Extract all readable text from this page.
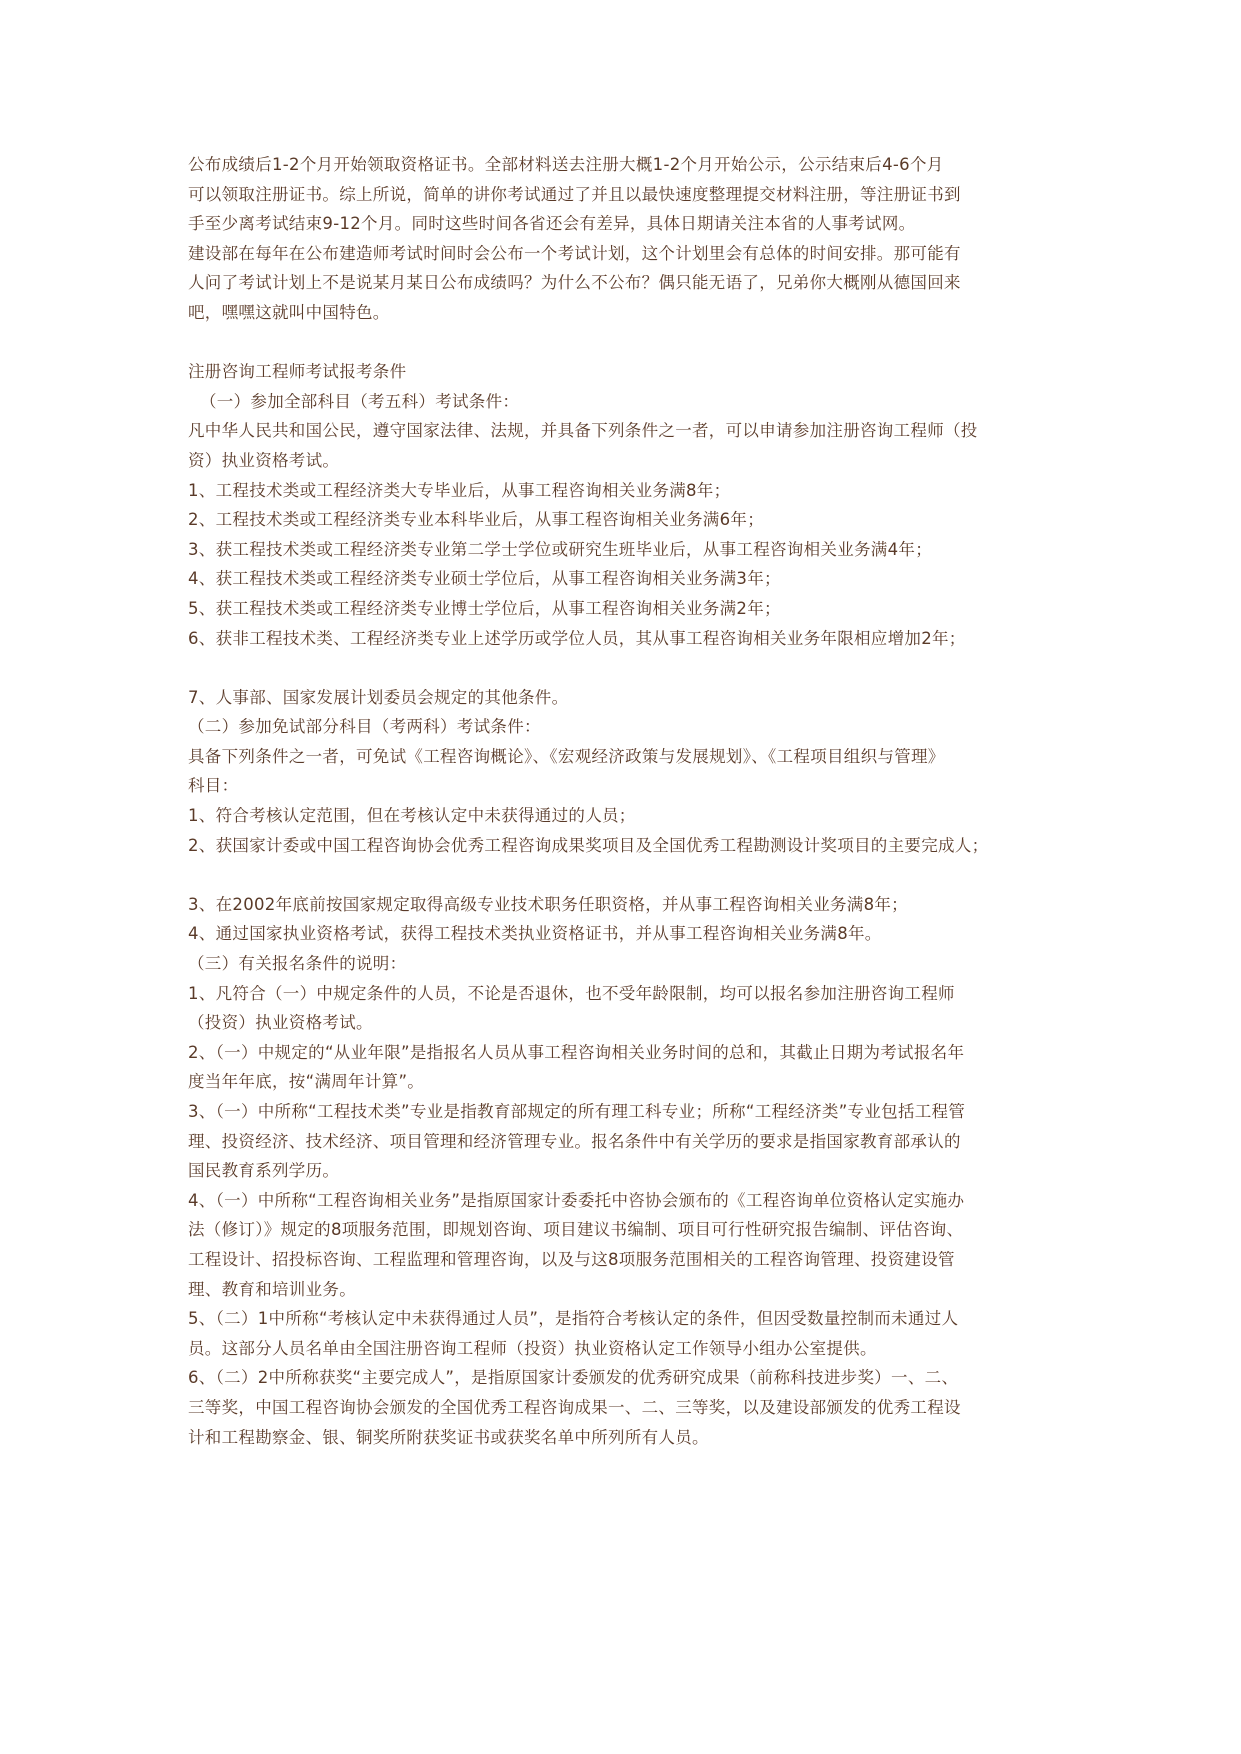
公布成绩后1-2个月开始领取资格证书。全部材料送去注册大概1-2个月开始公示，公示结束后4-6个月
可以领取注册证书。综上所说，简单的讲你考试通过了并且以最快速度整理提交材料注册，等注册证书到
手至少离考试结束9-12个月。同时这些时间各省还会有差异，具体日期请关注本省的人事考试网。
建设部在每年在公布建造师考试时间时会公布一个考试计划，这个计划里会有总体的时间安排。那可能有
人问了考试计划上不是说某月某日公布成绩吗？为什么不公布？偶只能无语了，兄弟你大概刚从德国回来
吧，嘿嘿这就叫中国特色。
注册咨询工程师考试报考条件
（一）参加全部科目（考五科）考试条件：
凡中华人民共和国公民，遵守国家法律、法规，并具备下列条件之一者，可以申请参加注册咨询工程师（投
资）执业资格考试。
1、工程技术类或工程经济类大专毕业后，从事工程咨询相关业务满8年；
2、工程技术类或工程经济类专业本科毕业后，从事工程咨询相关业务满6年；
3、获工程技术类或工程经济类专业第二学士学位或研究生班毕业后，从事工程咨询相关业务满4年；
4、获工程技术类或工程经济类专业硕士学位后，从事工程咨询相关业务满3年；
5、获工程技术类或工程经济类专业博士学位后，从事工程咨询相关业务满2年；
6、获非工程技术类、工程经济类专业上述学历或学位人员，其从事工程咨询相关业务年限相应增加2年；
7、人事部、国家发展计划委员会规定的其他条件。
（二）参加免试部分科目（考两科）考试条件：
具备下列条件之一者，可免试《工程咨询概论》、《宏观经济政策与发展规划》、《工程项目组织与管理》
科目：
1、符合考核认定范围，但在考核认定中未获得通过的人员；
2、获国家计委或中国工程咨询协会优秀工程咨询成果奖项目及全国优秀工程勘测设计奖项目的主要完成人；
3、在2002年底前按国家规定取得高级专业技术职务任职资格，并从事工程咨询相关业务满8年；
4、通过国家执业资格考试，获得工程技术类执业资格证书，并从事工程咨询相关业务满8年。
（三）有关报名条件的说明：
1、凡符合（一）中规定条件的人员，不论是否退休，也不受年龄限制，均可以报名参加注册咨询工程师
（投资）执业资格考试。
2、（一）中规定的“从业年限”是指报名人员从事工程咨询相关业务时间的总和，其截止日期为考试报名年
度当年年底，按“满周年计算”。
3、（一）中所称“工程技术类”专业是指教育部规定的所有理工科专业；所称“工程经济类”专业包括工程管
理、投资经济、技术经济、项目管理和经济管理专业。报名条件中有关学历的要求是指国家教育部承认的
国民教育系列学历。
4、（一）中所称“工程咨询相关业务”是指原国家计委委托中咨协会颁布的《工程咨询单位资格认定实施办
法（修订）》规定的8项服务范围，即规划咨询、项目建议书编制、项目可行性研究报告编制、评估咨询、
工程设计、招投标咨询、工程监理和管理咨询，以及与这8项服务范围相关的工程咨询管理、投资建设管
理、教育和培训业务。
5、（二）1中所称“考核认定中未获得通过人员”，是指符合考核认定的条件，但因受数量控制而未通过人
员。这部分人员名单由全国注册咨询工程师（投资）执业资格认定工作领导小组办公室提供。
6、（二）2中所称获奖“主要完成人”，是指原国家计委颁发的优秀研究成果（前称科技进步奖）一、二、
三等奖，中国工程咨询协会颁发的全国优秀工程咨询成果一、二、三等奖，以及建设部颁发的优秀工程设
计和工程勘察金、银、铜奖所附获奖证书或获奖名单中所列所有人员。
